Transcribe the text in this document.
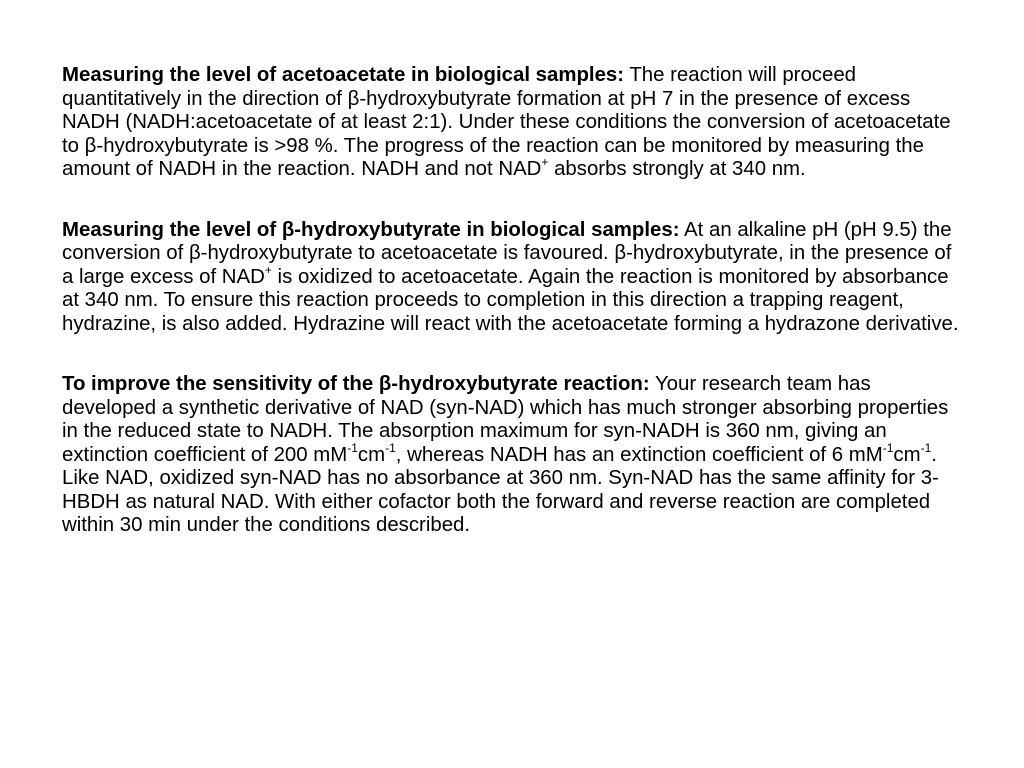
Measuring the level of acetoacetate in biological samples: The reaction will proceed quantitatively in the direction of β-hydroxybutyrate formation at pH 7 in the presence of excess NADH (NADH:acetoacetate of at least 2:1). Under these conditions the conversion of acetoacetate to β-hydroxybutyrate is >98 %. The progress of the reaction can be monitored by measuring the amount of NADH in the reaction. NADH and not NAD+ absorbs strongly at 340 nm.

Measuring the level of β-hydroxybutyrate in biological samples: At an alkaline pH (pH 9.5) the conversion of β-hydroxybutyrate to acetoacetate is favoured. β-hydroxybutyrate, in the presence of a large excess of NAD+ is oxidized to acetoacetate. Again the reaction is monitored by absorbance at 340 nm. To ensure this reaction proceeds to completion in this direction a trapping reagent, hydrazine, is also added. Hydrazine will react with the acetoacetate forming a hydrazone derivative.

To improve the sensitivity of the β-hydroxybutyrate reaction: Your research team has developed a synthetic derivative of NAD (syn-NAD) which has much stronger absorbing properties in the reduced state to NADH. The absorption maximum for syn-NADH is 360 nm, giving an extinction coefficient of 200 $mM^{-1}cm^{-1}$, whereas NADH has an extinction coefficient of 6 $mM^{-1}cm^{-1}$. Like NAD, oxidized syn-NAD has no absorbance at 360 nm. Syn-NAD has the same affinity for 3-HBDH as natural NAD. With either cofactor both the forward and reverse reaction are completed within 30 min under the conditions described.
